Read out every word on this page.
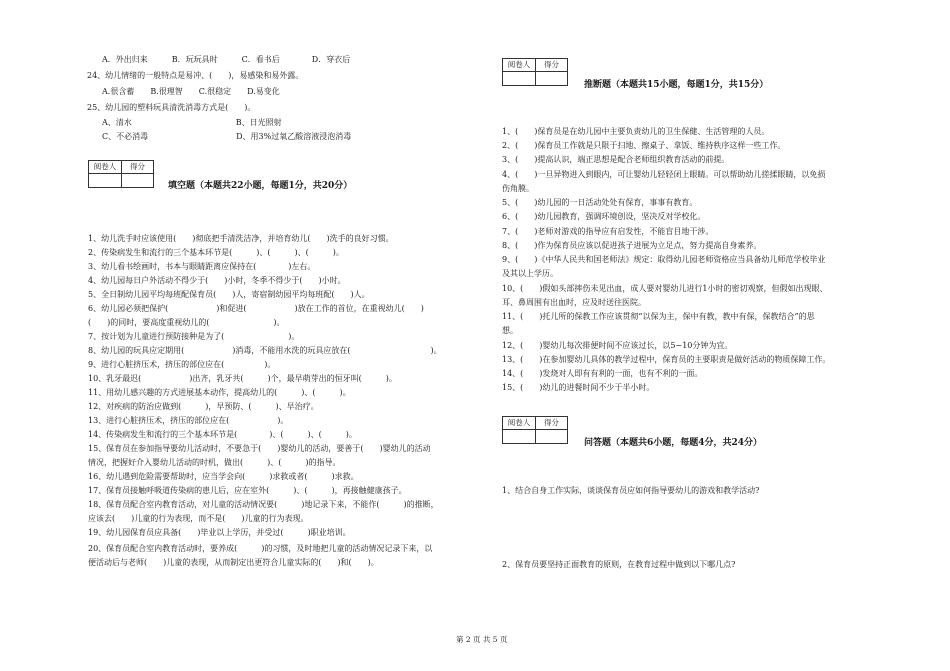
A．外出归来　　　B．玩玩具时　　　C．看书后　　　　D．穿衣后
24、幼儿情绪的一般特点是易冲、(　　)，易感染和易外露。
A.很含蓄　　B.很理智　　C.很稳定　　D.易变化
25、幼儿园的塑料玩具清洗消毒方式是(　　)。
A、清水　　　　　　　　　　　　　B、日光照射
C、不必消毒　　　　　　　　　　　D、用3%过氧乙酸溶液浸泡消毒
阅卷人	得分
填空题（本题共22小题，每题1分，共20分）
1、幼儿洗手时应该使用(　　)彻底把手清洗洁净，并培育幼儿(　　)洗手的良好习惯。
2、传染病发生和流行的三个基本环节是(　　　)、(　　　)、(　　　)。
3、幼儿看书绘画时，书本与眼睛距离应保持在(　　　　)左右。
4、幼儿园每日户外活动不得少于(　　)小时，冬季不得少于(　　)小时。
5、全日制幼儿园平均每班配保育员(　　)人，寄宿制幼园平均每班配(　　)人。
6、幼儿园必须把保护(　　　　　　)和促进(　　　　　　)放在工作的首位，在重视幼儿(　　)
(　　)的同时，要高度重视幼儿的(　　　　　　　　)。
7、按计划为儿童进行预防接种是为了(　　　　　　　　)。
8、幼儿园的玩具应定期用(　　　　　　)消毒，不能用水洗的玩具应放在(　　　　　　　　　　)。
9、进行心脏挤压术，挤压的部位应在(　　　　　)。
10、乳牙最迟(　　　　　　)出齐，乳牙共(　　　)个，最早萌芽出的恒牙叫(　　　)。
11、用幼儿感兴趣的方式进展基本动作，提高幼儿的(　　　)、(　　　)。
12、对疾病的防治应做到(　　　)，早预防、(　　　)、早治疗。
13、进行心脏挤压术，挤压的部位应在(　　　　　　)。
14、传染病发生和流行的三个基本环节是(　　　　)、(　　　)、(　　　)。
15、保育员在参加指导要幼儿活动时，不要急于(　　)婴幼儿的活动，要善于(　　)婴幼儿的活动
情况，把握好介入婴幼儿活动的时机，做出(　　　)、(　　　)的指导。
16、幼儿遇到危险需要帮助时，应当学会向(　　　)求救或者(　　　)求救。
17、保育员接触呼吸道传染病的患儿后，应在室外(　　　)、(　　　)，再接触健康孩子。
18、保育员配合室内教育活动，对儿童的活动情况要(　　　)地记录下来，不能作(　　　)的推断，
应该去(　　)儿童的行为表现，而不是(　　)儿童的行为表现。
19、幼儿园保育员应具备(　　)毕业以上学历，并受过(　　　)职业培训。
20、保育员配合室内教育活动时，要养成(　　　)的习惯，及时地把儿童的活动情况记录下来，以
便活动后与老师(　　)儿童的表现，从而制定出更符合儿童实际的(　　)和(　　)。
阅卷人	得分
推断题（本题共15小题，每题1分，共15分）
1、(　　)保育员是在幼儿园中主要负责幼儿的卫生保健、生活管理的人员。
2、(　　)保育员工作就是只限于扫地、擦桌子、拿饭、维持秩序这样一些工作。
3、(　　)提高认识，端正思想是配合老师组织教育活动的前提。
4、(　　)一旦异物进入到眼内，可让婴幼儿轻轻闭上眼睛。可以帮助幼儿搓揉眼睛，以免损
伤角膜。
5、(　　)幼儿园的一日活动处处有保育，事事有教育。
6、(　　)幼儿园教育，强调环境创设，坚决反对学校化。
7、(　　)老师对游戏的指导应有启发性，不能盲目地干涉。
8、(　　)作为保育员应该以促进孩子进展为立足点，努力提高自身素养。
9、(　　)《中华人民共和国老师法》规定：取得幼儿园老师资格应当具备幼儿师范学校毕业
及其以上学历。
10、(　　)假如头部摔伤未见出血，成人要对婴幼儿进行1小时的密切观察，但假如出现眼、
耳、鼻周围有出血时，应及时送往医院。
11、(　　)托儿所的保教工作应该贯彻“以保为主，保中有教，教中有保，保教结合”的思
想。
12、(　　)婴幼儿每次排便时间不应该过长，以5~10分钟为宜。
13、(　　)在参加婴幼儿具体的教学过程中，保育员的主要职责是做好活动的物质保障工作。
14、(　　)发烧对人即有有利的一面，也有不利的一面。
15、(　　)幼儿的进餐时间不少于半小时。
阅卷人	得分
问答题（本题共6小题，每题4分，共24分）
1、结合自身工作实际，谈谈保育员应如何指导要幼儿的游戏和教学活动?
2、保育员要坚持正面教育的原则，在教育过程中做到以下哪几点?
第 2 页 共 5 页
